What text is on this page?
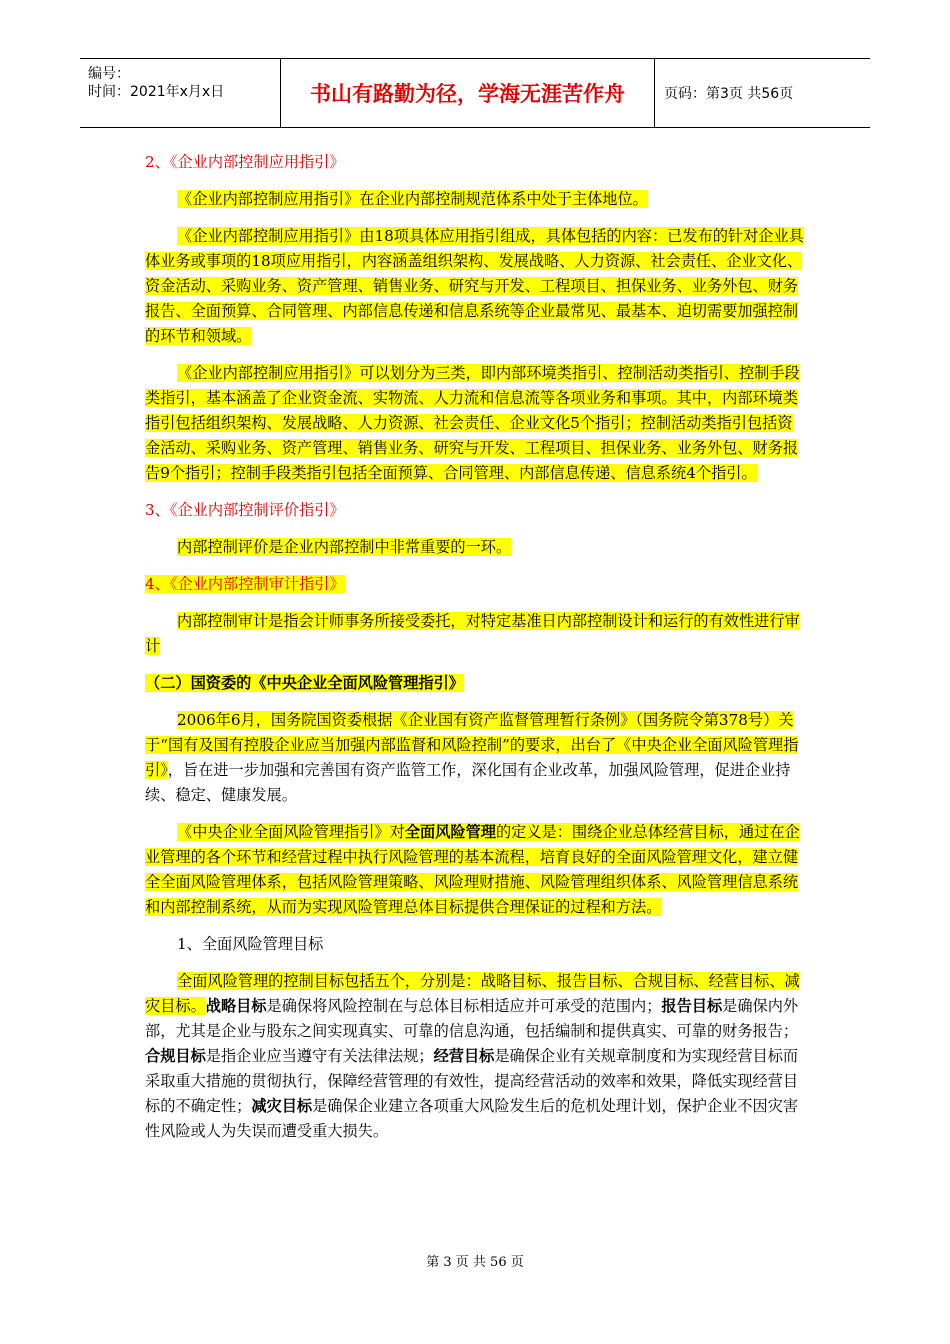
编号：
时间：2021年x月x日	书山有路勤为径，学海无涯苦作舟	页码：第3页 共56页

2、《企业内部控制应用指引》

《企业内部控制应用指引》在企业内部控制规范体系中处于主体地位。

《企业内部控制应用指引》由18项具体应用指引组成，具体包括的内容：已发布的针对企业具体业务或事项的18项应用指引，内容涵盖组织架构、发展战略、人力资源、社会责任、企业文化、资金活动、采购业务、资产管理、销售业务、研究与开发、工程项目、担保业务、业务外包、财务报告、全面预算、合同管理、内部信息传递和信息系统等企业最常见、最基本、迫切需要加强控制的环节和领域。

《企业内部控制应用指引》可以划分为三类，即内部环境类指引、控制活动类指引、控制手段类指引，基本涵盖了企业资金流、实物流、人力流和信息流等各项业务和事项。其中，内部环境类指引包括组织架构、发展战略、人力资源、社会责任、企业文化5个指引；控制活动类指引包括资金活动、采购业务、资产管理、销售业务、研究与开发、工程项目、担保业务、业务外包、财务报告9个指引；控制手段类指引包括全面预算、合同管理、内部信息传递、信息系统4个指引。

3、《企业内部控制评价指引》

内部控制评价是企业内部控制中非常重要的一环。

4、《企业内部控制审计指引》

内部控制审计是指会计师事务所接受委托，对特定基准日内部控制设计和运行的有效性进行审计

（二）国资委的《中央企业全面风险管理指引》

2006年6月，国务院国资委根据《企业国有资产监督管理暂行条例》（国务院令第378号）关于“国有及国有控股企业应当加强内部监督和风险控制”的要求，出台了《中央企业全面风险管理指引》，旨在进一步加强和完善国有资产监管工作，深化国有企业改革，加强风险管理，促进企业持续、稳定、健康发展。

《中央企业全面风险管理指引》对全面风险管理的定义是：围绕企业总体经营目标，通过在企业管理的各个环节和经营过程中执行风险管理的基本流程，培育良好的全面风险管理文化，建立健全全面风险管理体系，包括风险管理策略、风险理财措施、风险管理组织体系、风险管理信息系统和内部控制系统，从而为实现风险管理总体目标提供合理保证的过程和方法。

1、全面风险管理目标

全面风险管理的控制目标包括五个，分别是：战略目标、报告目标、合规目标、经营目标、减灾目标。战略目标是确保将风险控制在与总体目标相适应并可承受的范围内；报告目标是确保内外部，尤其是企业与股东之间实现真实、可靠的信息沟通，包括编制和提供真实、可靠的财务报告；合规目标是指企业应当遵守有关法律法规；经营目标是确保企业有关规章制度和为实现经营目标而采取重大措施的贯彻执行，保障经营管理的有效性，提高经营活动的效率和效果，降低实现经营目标的不确定性；减灾目标是确保企业建立各项重大风险发生后的危机处理计划，保护企业不因灾害性风险或人为失误而遭受重大损失。

第 3 页 共 56 页
